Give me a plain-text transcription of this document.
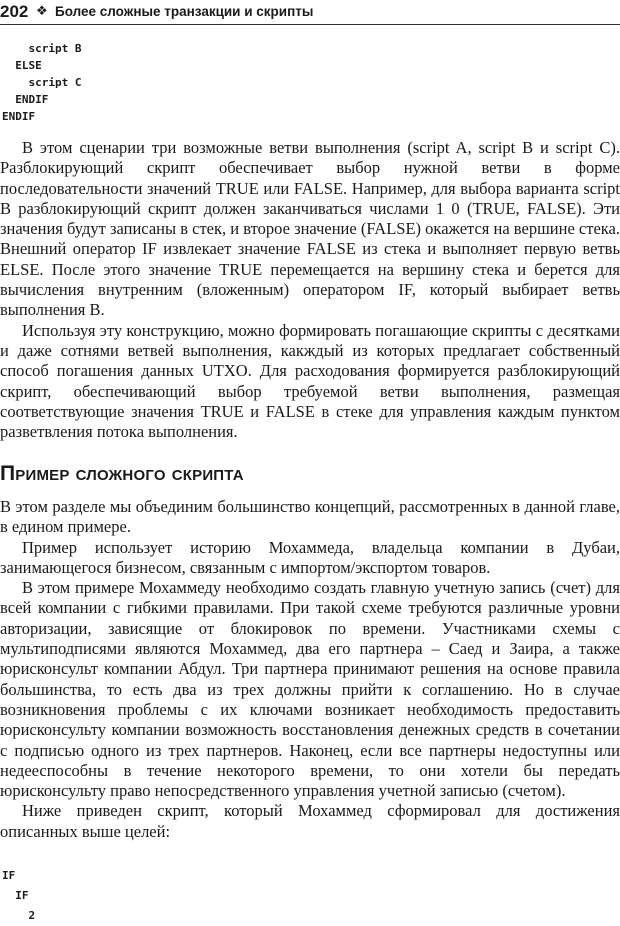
202 ❖ Более сложные транзакции и скрипты
script B
ELSE
script C
ENDIF
ENDIF

В этом сценарии три возможные ветви выполнения (script A, script B и script C). Разблокирующий скрипт обеспечивает выбор нужной ветви в форме последовательности значений TRUE или FALSE. Например, для выбора варианта script B разблокирующий скрипт должен заканчиваться числами 1 0 (TRUE, FALSE). Эти значения будут записаны в стек, и второе значение (FALSE) окажется на вершине стека. Внешний оператор IF извлекает значение FALSE из стека и выполняет первую ветвь ELSE. После этого значение TRUE перемещается на вершину стека и берется для вычисления внутренним (вложенным) оператором IF, который выбирает ветвь выполнения B.

Используя эту конструкцию, можно формировать погашающие скрипты с десятками и даже сотнями ветвей выполнения, какждый из которых предлагает собственный способ погашения данных UTXO. Для расходования формируется разблокирующий скрипт, обеспечивающий выбор требуемой ветви выполнения, размещая соответствующие значения TRUE и FALSE в стеке для управления каждым пунктом разветвления потока выполнения.

Пример сложного скрипта

В этом разделе мы объединим большинство концепций, рассмотренных в данной главе, в едином примере.

Пример использует историю Мохаммеда, владельца компании в Дубаи, занимающегося бизнесом, связанным с импортом/экспортом товаров.

В этом примере Мохаммеду необходимо создать главную учетную запись (счет) для всей компании с гибкими правилами. При такой схеме требуются различные уровни авторизации, зависящие от блокировок по времени. Участниками схемы с мультиподписями являются Мохаммед, два его партнера – Саед и Заира, а также юрисконсульт компании Абдул. Три партнера принимают решения на основе правила большинства, то есть два из трех должны прийти к соглашению. Но в случае возникновения проблемы с их ключами возникает необходимость предоставить юрисконсульту компании возможность восстановления денежных средств в сочетании с подписью одного из трех партнеров. Наконец, если все партнеры недоступны или недееспособны в течение некоторого времени, то они хотели бы передать юрисконсульту право непосредственного управления учетной записью (счетом).

Ниже приведен скрипт, который Мохаммед сформировал для достижения описанных выше целей:

IF
IF
2
